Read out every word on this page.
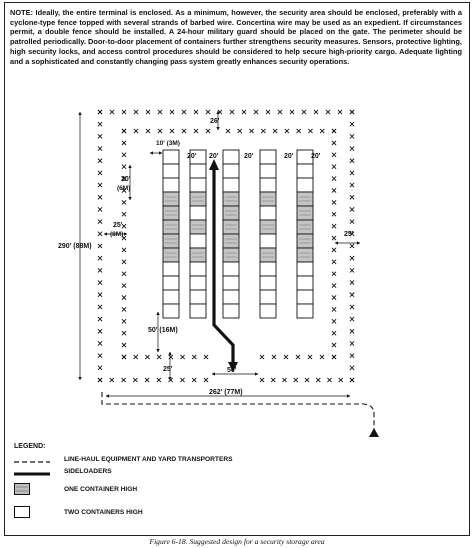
NOTE: Ideally, the entire terminal is enclosed. As a minimum, however, the security area should be enclosed, preferably with a cyclone-type fence topped with several strands of barbed wire. Concertina wire may be used as an expedient. If circumstances permit, a double fence should be installed. A 24-hour military guard should be placed on the gate. The perimeter should be patrolled periodically. Door-to-door placement of containers further strengthens security measures. Sensors, protective lighting, high security locks, and access control procedures should be considered to help secure high-priority cargo. Adequate lighting and a sophisticated and constantly changing pass system greatly enhances security operations.

26'
10' (3M)
20' 20'	20'	20'	20'
20'
(6M)
25'
(8M)	25'
290' (88M)
50' (16M)
25'	50'
262' (77M)
LEGEND:
LINE-HAUL EQUIPMENT AND YARD TRANSPORTERS
SIDELOADERS
ONE CONTAINER HIGH
TWO CONTAINERS HIGH
Figure 6-18. Suggested design for a security storage area
